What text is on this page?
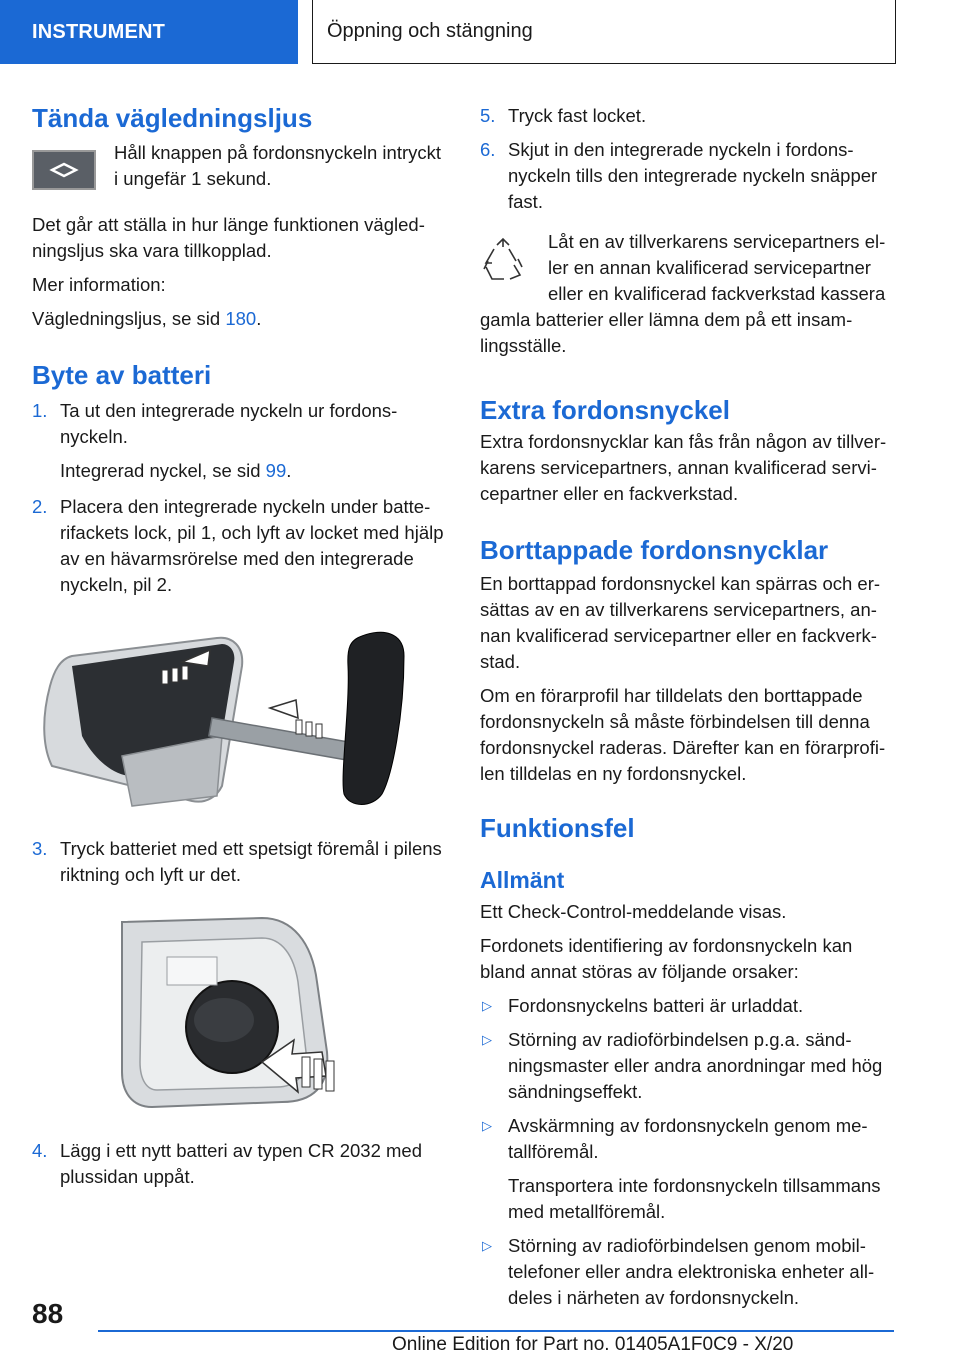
INSTRUMENT	Öppning och stängning
Tända vägledningsljus

Håll knappen på fordonsnyckeln intryckt i ungefär 1 sekund.

Det går att ställa in hur länge funktionen vägledningsljus ska vara tillkopplad.

Mer information:

Vägledningsljus, se sid 180.

Byte av batteri
1. Ta ut den integrerade nyckeln ur fordonsnyckeln.

Integrerad nyckel, se sid 99.

2. Placera den integrerade nyckeln under batterifackets lock, pil 1, och lyft av locket med hjälp av en hävarmsrörelse med den integrerade nyckeln, pil 2.

3. Tryck batteriet med ett spetsigt föremål i pilens riktning och lyft ur det.

4. Lägg i ett nytt batteri av typen CR 2032 med plussidan uppåt.

5. Tryck fast locket.

6. Skjut in den integrerade nyckeln i fordonsnyckeln tills den integrerade nyckeln snäpper fast.

Låt en av tillverkarens servicepartners eller en annan kvalificerad servicepartner eller en kvalificerad fackverkstad kassera

gamla batterier eller lämna dem på ett insamlingsställe.

Extra fordonsnyckel

Extra fordonsnycklar kan fås från någon av tillverkarens servicepartners, annan kvalificerad servicepartner eller en fackverkstad.

Borttappade fordonsnycklar

En borttappad fordonsnyckel kan spärras och ersättas av en av tillverkarens servicepartners, annan kvalificerad servicepartner eller en fackverkstad.

Om en förarprofil har tilldelats den borttappade fordonsnyckeln så måste förbindelsen till denna fordonsnyckel raderas. Därefter kan en förarprofilen tilldelas en ny fordonsnyckel.

Funktionsfel
Allmänt

Ett Check-Control-meddelande visas.

Fordonets identifiering av fordonsnyckeln kan bland annat störas av följande orsaker:

▷ Fordonsnyckelns batteri är urladdat.

▷ Störning av radioförbindelsen p.g.a. sändningsmaster eller andra anordningar med hög sändningseffekt.

▷ Avskärmning av fordonsnyckeln genom metallföremål.

Transportera inte fordonsnyckeln tillsammans med metallföremål.

▷ Störning av radioförbindelsen genom mobiltelefoner eller andra elektroniska enheter alldeles i närheten av fordonsnyckeln.

88
Online Edition for Part no. 01405A1F0C9 - X/20
